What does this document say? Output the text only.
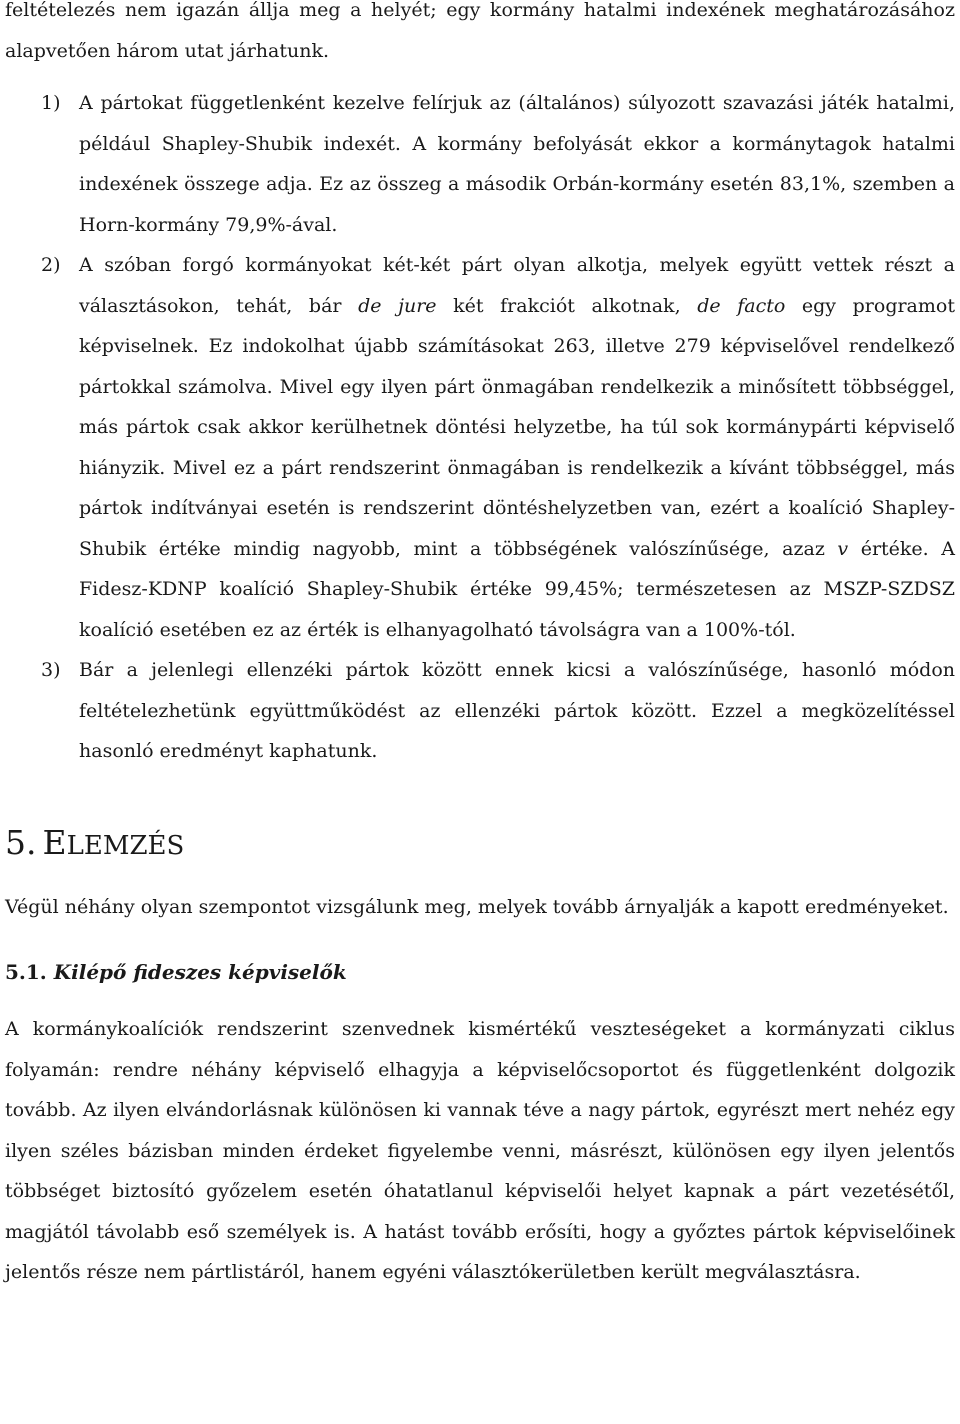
feltételezés nem igazán állja meg a helyét; egy kormány hatalmi indexének meghatározásához alapvetően három utat járhatunk.

1) A pártokat függetlenként kezelve felírjuk az (általános) súlyozott szavazási játék hatalmi, például Shapley-Shubik indexét. A kormány befolyását ekkor a kormánytagok hatalmi indexének összege adja. Ez az összeg a második Orbán-kormány esetén 83,1%, szemben a Horn-kormány 79,9%-ával.

2) A szóban forgó kormányokat két-két párt olyan alkotja, melyek együtt vettek részt a választásokon, tehát, bár de jure két frakciót alkotnak, de facto egy programot képviselnek. Ez indokolhat újabb számításokat 263, illetve 279 képviselővel rendelkező pártokkal számolva. Mivel egy ilyen párt önmagában rendelkezik a minősített többséggel, más pártok csak akkor kerülhetnek döntési helyzetbe, ha túl sok kormánypárti képviselő hiányzik. Mivel ez a párt rendszerint önmagában is rendelkezik a kívánt többséggel, más pártok indítványai esetén is rendszerint döntéshelyzetben van, ezért a koalíció Shapley-Shubik értéke mindig nagyobb, mint a többségének valószínűsége, azaz v értéke. A Fidesz-KDNP koalíció Shapley-Shubik értéke 99,45%; természetesen az MSZP-SZDSZ koalíció esetében ez az érték is elhanyagolható távolságra van a 100%-tól.

3) Bár a jelenlegi ellenzéki pártok között ennek kicsi a valószínűsége, hasonló módon feltételezhetünk együttműködést az ellenzéki pártok között. Ezzel a megközelítéssel hasonló eredményt kaphatunk.

5. ELEMZÉS

Végül néhány olyan szempontot vizsgálunk meg, melyek tovább árnyalják a kapott eredményeket.

5.1. Kilépő fideszes képviselők

A kormánykoalíciók rendszerint szenvednek kismértékű veszteségeket a kormányzati ciklus folyamán: rendre néhány képviselő elhagyja a képviselőcsoportot és függetlenként dolgozik tovább. Az ilyen elvándorlásnak különösen ki vannak téve a nagy pártok, egyrészt mert nehéz egy ilyen széles bázisban minden érdeket figyelembe venni, másrészt, különösen egy ilyen jelentős többséget biztosító győzelem esetén óhatatlanul képviselői helyet kapnak a párt vezetésétől, magjától távolabb eső személyek is. A hatást tovább erősíti, hogy a győztes pártok képviselőinek jelentős része nem pártlistáról, hanem egyéni választókerületben került megválasztásra.
